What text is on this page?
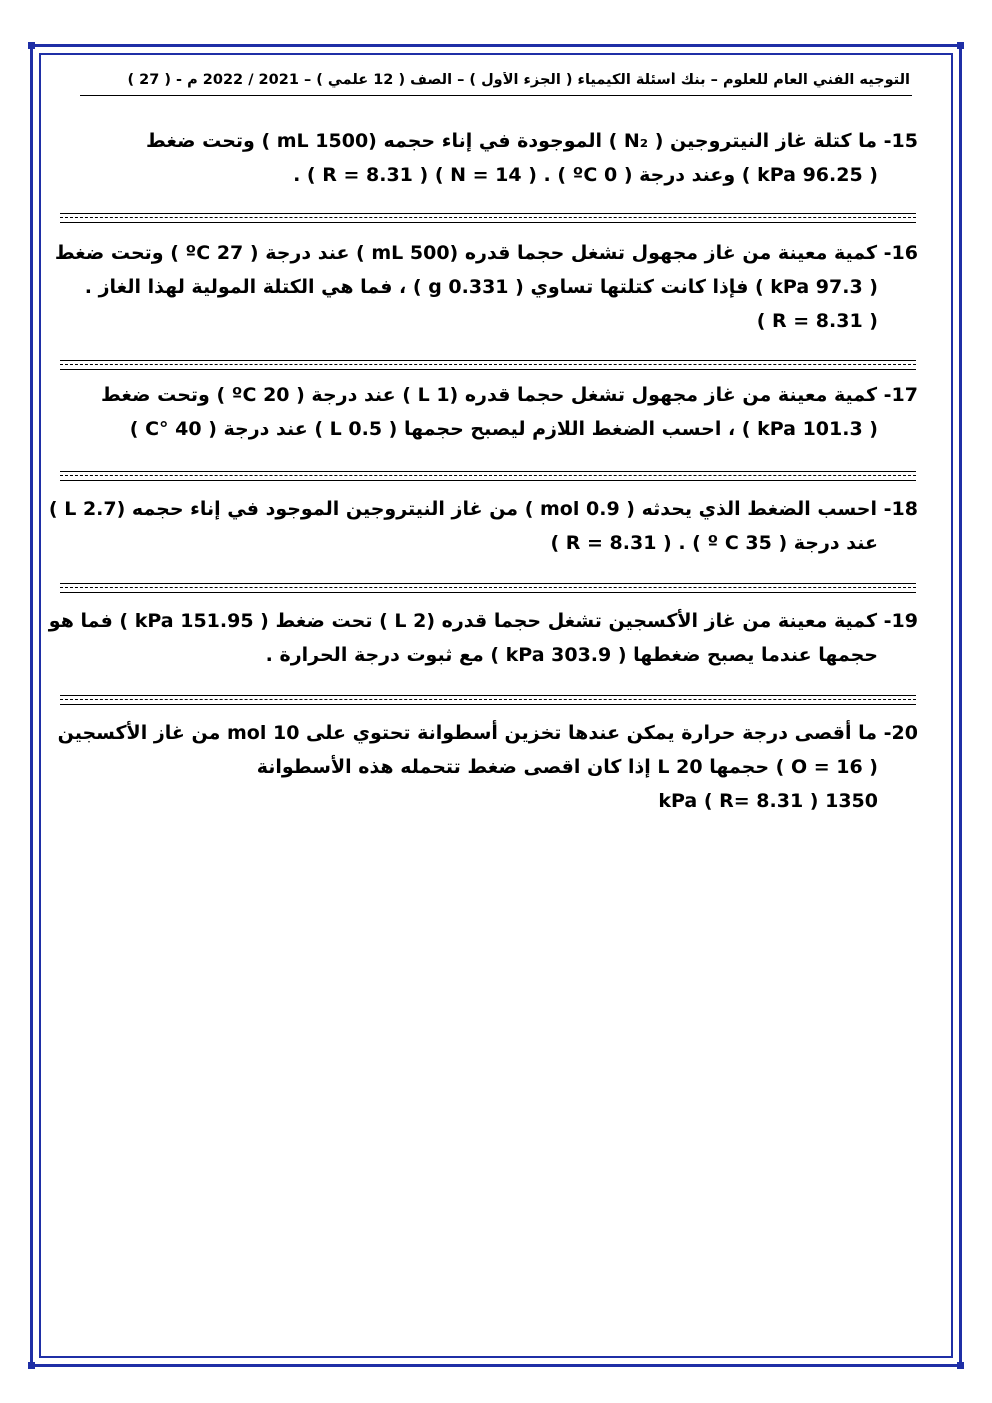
التوجيه الفني العام للعلوم – بنك أسئلة الكيمياء ( الجزء الأول ) – الصف ( 12 علمي ) – 2021 / 2022 م - ( 27 )
15- ما كتلة غاز النيتروجين ( N₂ ) الموجودة في إناء حجمه (1500 mL ) وتحت ضغط
( 96.25 kPa ) وعند درجة ( 0 ºC ) . ( N = 14 ) ( R = 8.31 ) .
16- كمية معينة من غاز مجهول تشغل حجما قدره (500 mL ) عند درجة ( 27 ºC ) وتحت ضغط
( 97.3 kPa ) فإذا كانت كتلتها تساوي ( 0.331 g ) ، فما هي الكتلة المولية لهذا الغاز .
( R = 8.31 )
17- كمية معينة من غاز مجهول تشغل حجما قدره (1 L ) عند درجة ( 20 ºC ) وتحت ضغط
( 101.3 kPa ) ، احسب الضغط اللازم ليصبح حجمها ( 0.5 L ) عند درجة ( 40 °C )
18- احسب الضغط الذي يحدثه ( 0.9 mol ) من غاز النيتروجين الموجود في إناء حجمه (2.7 L )
عند درجة ( 35 º C ) . ( R = 8.31 )
19- كمية معينة من غاز الأكسجين تشغل حجما قدره (2 L ) تحت ضغط ( 151.95 kPa ) فما هو
حجمها عندما يصبح ضغطها ( 303.9 kPa ) مع ثبوت درجة الحرارة .
20- ما أقصى درجة حرارة يمكن عندها تخزين أسطوانة تحتوي على 10 mol من غاز الأكسجين
( O = 16 ) حجمها 20 L إذا كان اقصى ضغط تتحمله هذه الأسطوانة
1350 kPa ( R= 8.31 )
